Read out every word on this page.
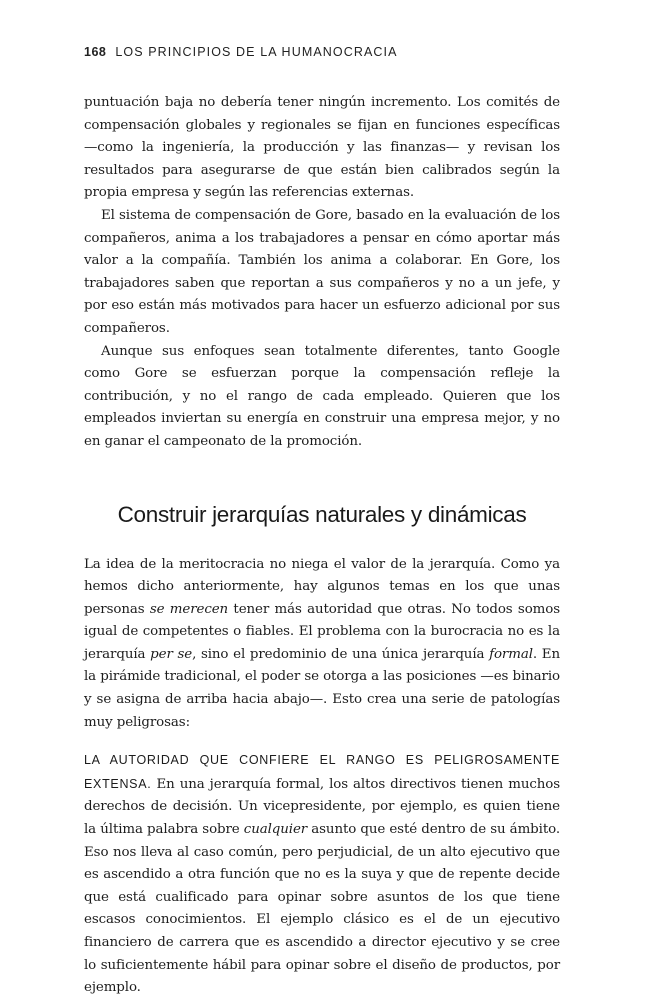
168 LOS PRINCIPIOS DE LA HUMANOCRACIA

puntuación baja no debería tener ningún incremento. Los comités de compensación globales y regionales se fijan en funciones específicas —como la ingeniería, la producción y las finanzas— y revisan los resultados para asegurarse de que están bien calibrados según la propia empresa y según las referencias externas.

El sistema de compensación de Gore, basado en la evaluación de los compañeros, anima a los trabajadores a pensar en cómo aportar más valor a la compañía. También los anima a colaborar. En Gore, los trabajadores saben que reportan a sus compañeros y no a un jefe, y por eso están más motivados para hacer un esfuerzo adicional por sus compañeros.

Aunque sus enfoques sean totalmente diferentes, tanto Google como Gore se esfuerzan porque la compensación refleje la contribución, y no el rango de cada empleado. Quieren que los empleados inviertan su energía en construir una empresa mejor, y no en ganar el campeonato de la promoción.

Construir jerarquías naturales y dinámicas

La idea de la meritocracia no niega el valor de la jerarquía. Como ya hemos dicho anteriormente, hay algunos temas en los que unas personas se merecen tener más autoridad que otras. No todos somos igual de competentes o fiables. El problema con la burocracia no es la jerarquía per se, sino el predominio de una única jerarquía formal. En la pirámide tradicional, el poder se otorga a las posiciones —es binario y se asigna de arriba hacia abajo—. Esto crea una serie de patologías muy peligrosas:

LA AUTORIDAD QUE CONFIERE EL RANGO ES PELIGROSAMENTE EXTENSA. En una jerarquía formal, los altos directivos tienen muchos derechos de decisión. Un vicepresidente, por ejemplo, es quien tiene la última palabra sobre cualquier asunto que esté dentro de su ámbito. Eso nos lleva al caso común, pero perjudicial, de un alto ejecutivo que es ascendido a otra función que no es la suya y que de repente decide que está cualificado para opinar sobre asuntos de los que tiene escasos conocimientos. El ejemplo clásico es el de un ejecutivo financiero de carrera que es ascendido a director ejecutivo y se cree lo suficientemente hábil para opinar sobre el diseño de productos, por ejemplo.
